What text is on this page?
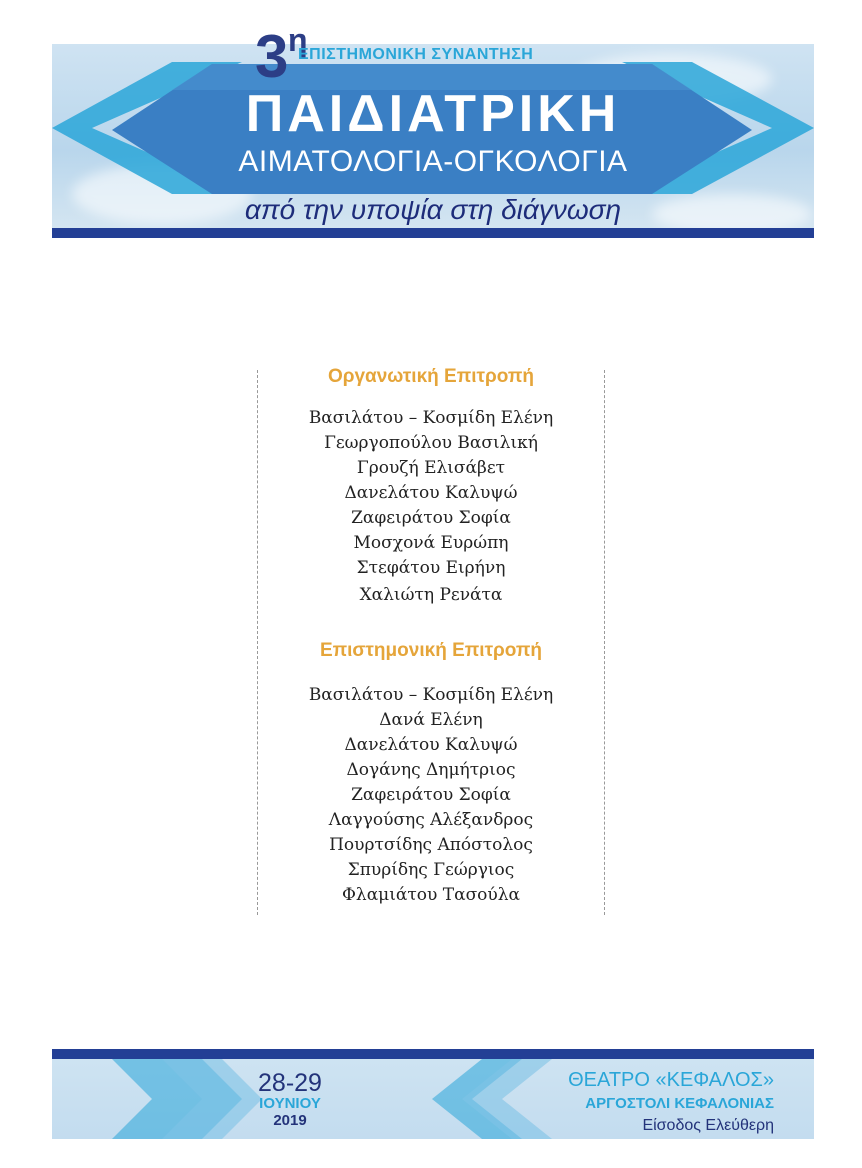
3 η
ΕΠΙΣΤΗΜΟΝΙΚΗ ΣΥΝΑΝΤΗΣΗ
ΠΑΙΔΙΑΤΡΙΚΗ
ΑΙΜΑΤΟΛΟΓΙΑ-ΟΓΚΟΛΟΓΙΑ
από την υποψία στη διάγνωση
Οργανωτική Επιτροπή
Βασιλάτου – Κοσμίδη Ελένη
Γεωργοπούλου Βασιλική
Γρουζή Ελισάβετ
Δανελάτου Καλυψώ
Ζαφειράτου Σοφία
Μοσχονά Ευρώπη
Στεφάτου Ειρήνη
Χαλιώτη Ρενάτα
Επιστημονική Επιτροπή
Βασιλάτου – Κοσμίδη Ελένη
Δανά Ελένη
Δανελάτου Καλυψώ
Δογάνης Δημήτριος
Ζαφειράτου Σοφία
Λαγγούσης Αλέξανδρος
Πουρτσίδης Απόστολος
Σπυρίδης Γεώργιος
Φλαμιάτου Τασούλα
28-29
ΙΟΥΝΙΟΥ
2019
ΘΕΑΤΡΟ «ΚΕΦΑΛΟΣ»
ΑΡΓΟΣΤΟΛΙ ΚΕΦΑΛΟΝΙΑΣ
Είσοδος Ελεύθερη
